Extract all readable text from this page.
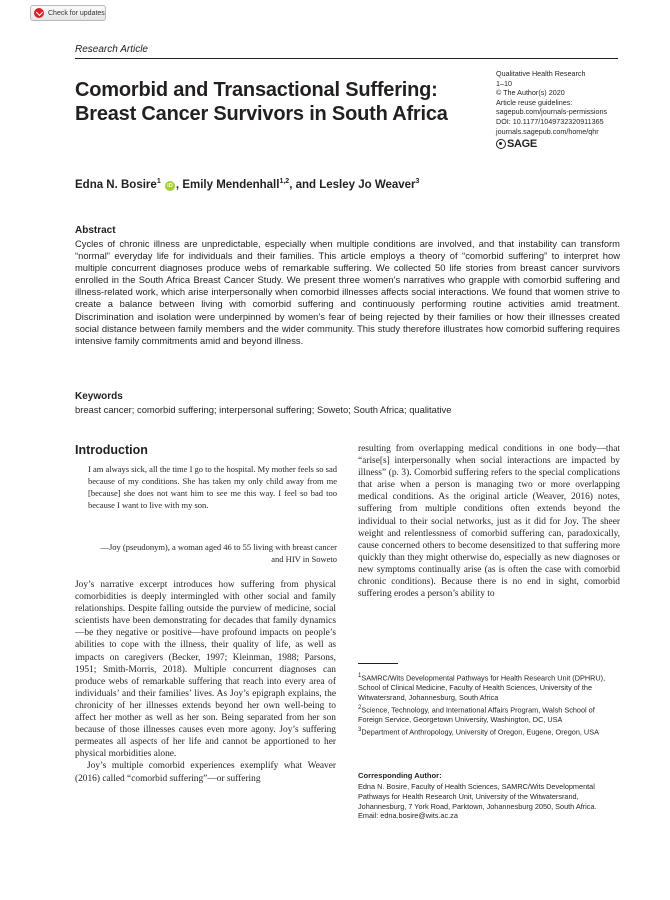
Check for updates
Research Article
Comorbid and Transactional Suffering: Breast Cancer Survivors in South Africa
Qualitative Health Research
1–10
© The Author(s) 2020
Article reuse guidelines:
sagepub.com/journals-permissions
DOI: 10.1177/1049732320911365
journals.sagepub.com/home/qhr
SAGE
Edna N. Bosire$^1$ iD , Emily Mendenhall$^{1,2}$, and Lesley Jo Weaver$^3$
Abstract
Cycles of chronic illness are unpredictable, especially when multiple conditions are involved, and that instability can transform “normal” everyday life for individuals and their families. This article employs a theory of “comorbid suffering” to interpret how multiple concurrent diagnoses produce webs of remarkable suffering. We collected 50 life stories from breast cancer survivors enrolled in the South Africa Breast Cancer Study. We present three women’s narratives who grapple with comorbid suffering and illness-related work, which arise interpersonally when comorbid illnesses affects social interactions. We found that women strive to create a balance between living with comorbid suffering and continuously performing routine activities amid treatment. Discrimination and isolation were underpinned by women’s fear of being rejected by their families or how their illnesses created social distance between family members and the wider community. This study therefore illustrates how comorbid suffering requires intensive family commitments amid and beyond illness.
Keywords
breast cancer; comorbid suffering; interpersonal suffering; Soweto; South Africa; qualitative
Introduction
I am always sick, all the time I go to the hospital. My mother feels so sad because of my conditions. She has taken my only child away from me [because] she does not want him to see me this way. I feel so bad too because I want to live with my son.
—Joy (pseudonym), a woman aged 46 to 55 living with breast cancer and HIV in Soweto

Joy’s narrative excerpt introduces how suffering from physical comorbidities is deeply intermingled with other social and family relationships. Despite falling outside the purview of medicine, social scientists have been demonstrating for decades that family dynamics—be they negative or positive—have profound impacts on people’s abilities to cope with the illness, their quality of life, as well as impacts on caregivers (Becker, 1997; Kleinman, 1988; Parsons, 1951; Smith-Morris, 2018). Multiple concurrent diagnoses can produce webs of remarkable suffering that reach into every area of individuals’ and their families’ lives. As Joy’s epigraph explains, the chronicity of her illnesses extends beyond her own well-being to affect her mother as well as her son. Being separated from her son because of those illnesses causes even more agony. Joy’s suffering permeates all aspects of her life and cannot be apportioned to her physical morbidities alone.

Joy’s multiple comorbid experiences exemplify what Weaver (2016) called “comorbid suffering”—or suffering

resulting from overlapping medical conditions in one body—that “arise[s] interpersonally when social interactions are impacted by illness” (p. 3). Comorbid suffering refers to the special complications that arise when a person is managing two or more overlapping medical conditions. As the original article (Weaver, 2016) notes, suffering from multiple conditions often extends beyond the individual to their social networks, just as it did for Joy. The sheer weight and relentlessness of comorbid suffering can, paradoxically, cause concerned others to become desensitized to that suffering more quickly than they might otherwise do, especially as new diagnoses or new symptoms continually arise (as is often the case with comorbid chronic conditions). Because there is no end in sight, comorbid suffering erodes a person’s ability to

$^1$SAMRC/Wits Developmental Pathways for Health Research Unit (DPHRU), School of Clinical Medicine, Faculty of Health Sciences, University of the Witwatersrand, Johannesburg, South Africa
$^2$Science, Technology, and International Affairs Program, Walsh School of Foreign Service, Georgetown University, Washington, DC, USA
$^3$Department of Anthropology, University of Oregon, Eugene, Oregon, USA
Corresponding Author:
Edna N. Bosire, Faculty of Health Sciences, SAMRC/Wits Developmental Pathways for Health Research Unit, University of the Witwatersrand, Johannesburg, 7 York Road, Parktown, Johannesburg 2050, South Africa.
Email: edna.bosire@wits.ac.za
